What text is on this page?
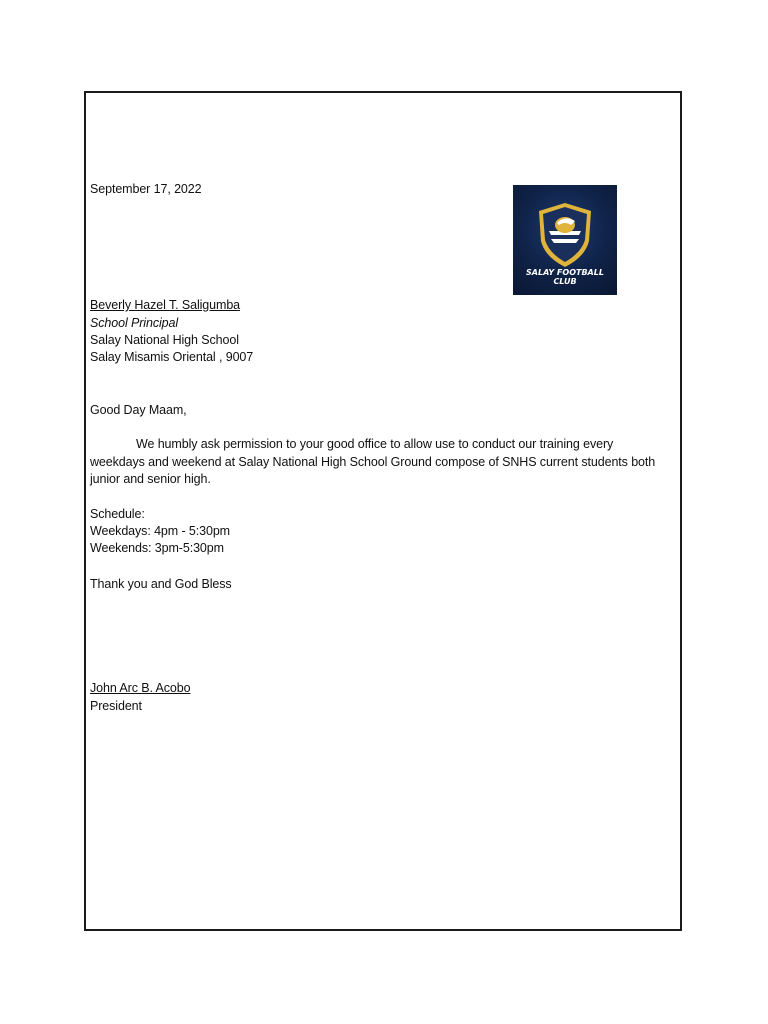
September 17, 2022
SALAY FOOTBALL
CLUB
Beverly Hazel T. Saligumba
School Principal
Salay National High School
Salay Misamis Oriental , 9007
Good Day Maam,
We humbly ask permission to your good office to allow use to conduct our training every weekdays and weekend at Salay National High School Ground compose of SNHS current students both junior and senior high.
Schedule:
Weekdays: 4pm - 5:30pm
Weekends: 3pm-5:30pm
Thank you and God Bless
John Arc B. Acobo
President
